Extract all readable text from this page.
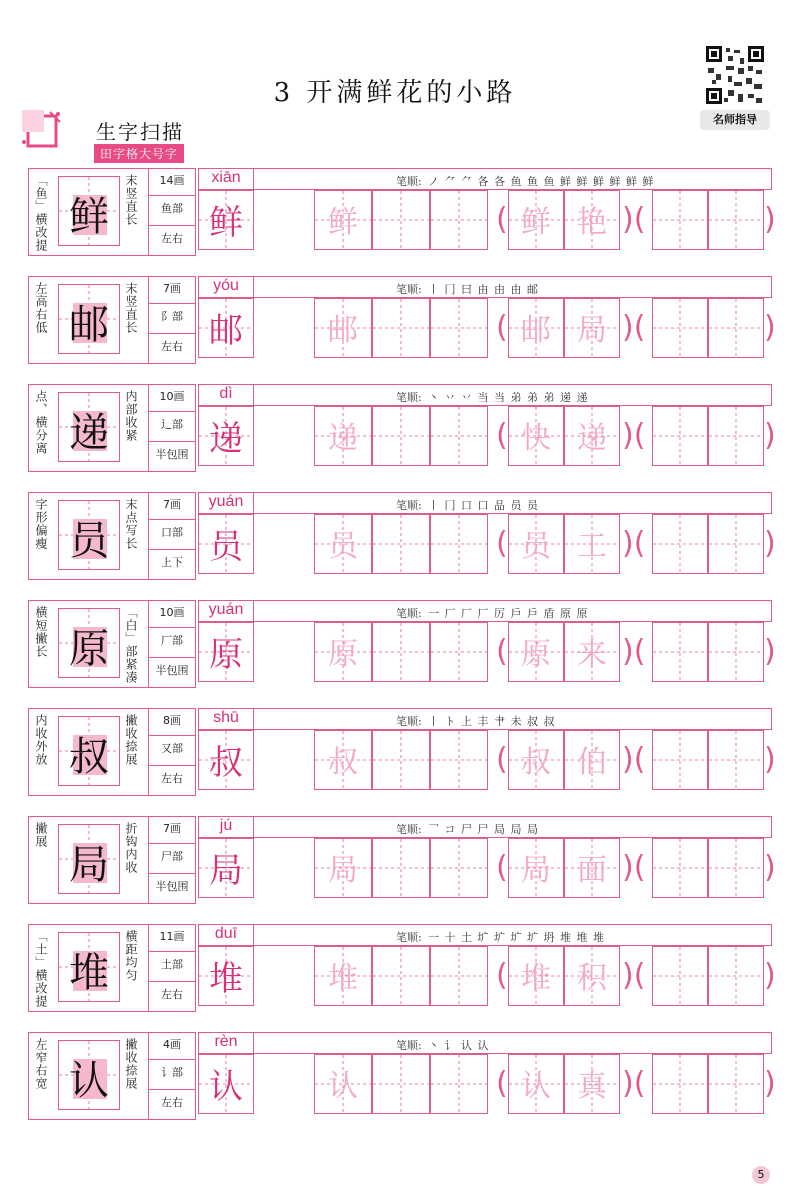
3 开满鲜花的小路
名师指导
生字扫描
田字格大号字
「鱼」横改提 鲜	末竖直长	14画
鱼部
左右
xiān
鲜
笔顺: ノ ⺈ ⺈ 各 各 鱼 鱼 鱼 鲜 鲜 鲜 鲜 鲜 鲜
鲜	( 鲜 艳 )(	)
左高右低 邮	末竖直长	7画
阝部
左右
yóu
邮
笔顺: 丨 冂 曰 由 由 由 邮
邮	( 邮 局 )(	)
点、横分离 递	内部收紧	10画
辶部
半包围
dì
递
笔顺: 丶 丷 丷 当 当 弟 弟 弟 递 递
递	( 快 递 )(	)
字形偏瘦 员	末点写长	7画
口部
上下
yuán
员
笔顺: 丨 冂 口 口 品 员 员
员	( 员 工 )(	)
横短撇长 原	「白」部紧凑	10画
厂部
半包围
yuán
原
笔顺: 一 厂 厂 厂 厉 戶 戶 盾 原 原
原	( 原 来 )(	)
内收外放 叔	撇收捺展	8画
又部
左右
shū
叔
笔顺: 丨 ト 上 丰 肀 未 叔 叔
叔	( 叔 伯 )(	)
撇展
局	折钩内收	7画
尸部
半包围
jú
局
笔顺: 乛 コ 尸 尸 局 局 局
局	( 局 面 )(	)
「土」横改提 堆	横距均匀	11画
土部
左右
duī
堆
笔顺: 一 十 土 圹 圹 圹 圹 坍 堆 堆 堆
堆	( 堆 积 )(	)
左窄右宽 认	撇收捺展	4画
讠部
左右
rèn
认
笔顺: 丶 讠 认 认
认	( 认 真 )(	)
5
